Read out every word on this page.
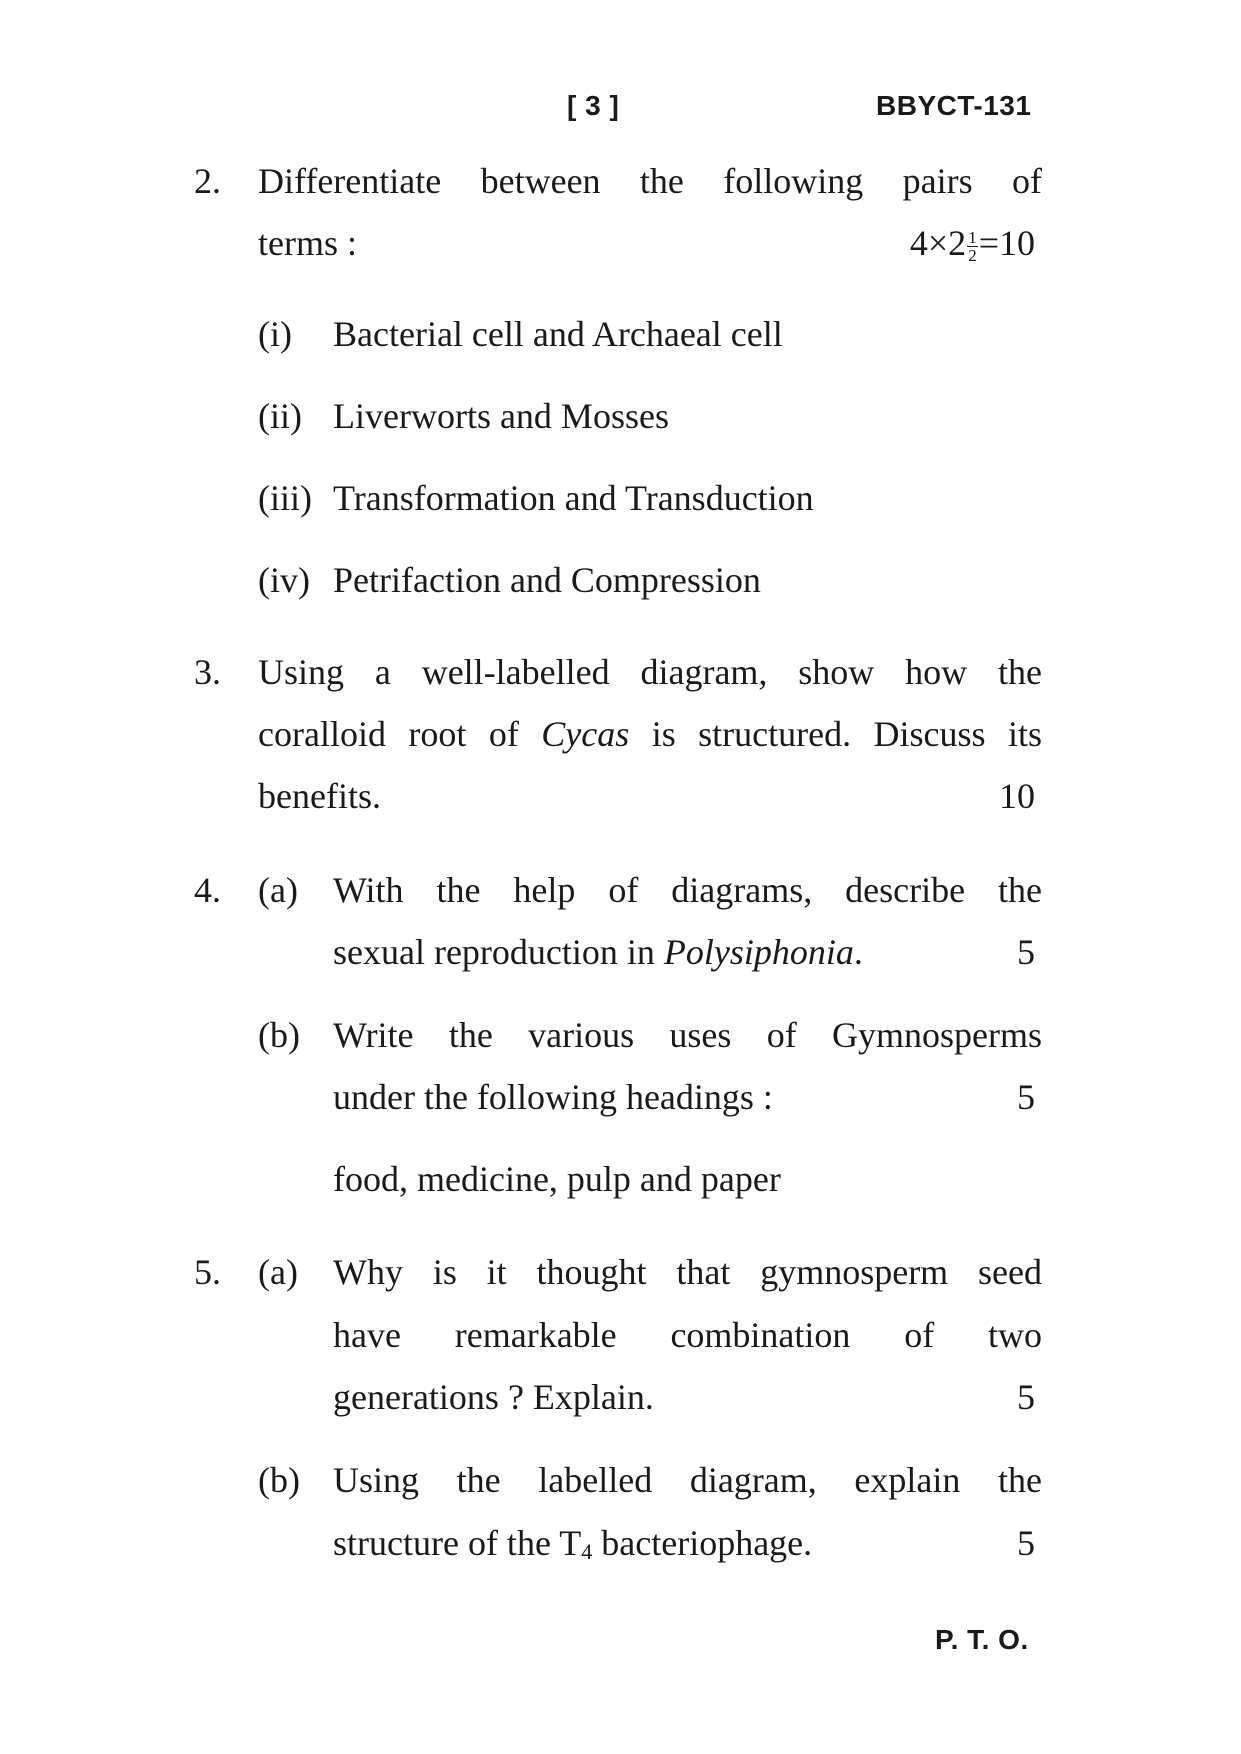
[ 3 ]	BBYCT-131
2. Differentiate between the following pairs of
terms :	$4\times 2 \frac{1}{2} =10$
(i) Bacterial cell and Archaeal cell
(ii) Liverworts and Mosses
(iii) Transformation and Transduction
(iv) Petrifaction and Compression
3. Using a well-labelled diagram, show how the
coralloid root of Cycas is structured. Discuss its
benefits.	10
4. (a) With the help of diagrams, describe the
sexual reproduction in Polysiphonia.	5
(b) Write the various uses of Gymnosperms
under the following headings :	5
food, medicine, pulp and paper
5. (a) Why is it thought that gymnosperm seed
have remarkable combination of two
generations ? Explain.	5
(b) Using the labelled diagram, explain the
structure of the $T_4$ bacteriophage.	5
P. T. O.
